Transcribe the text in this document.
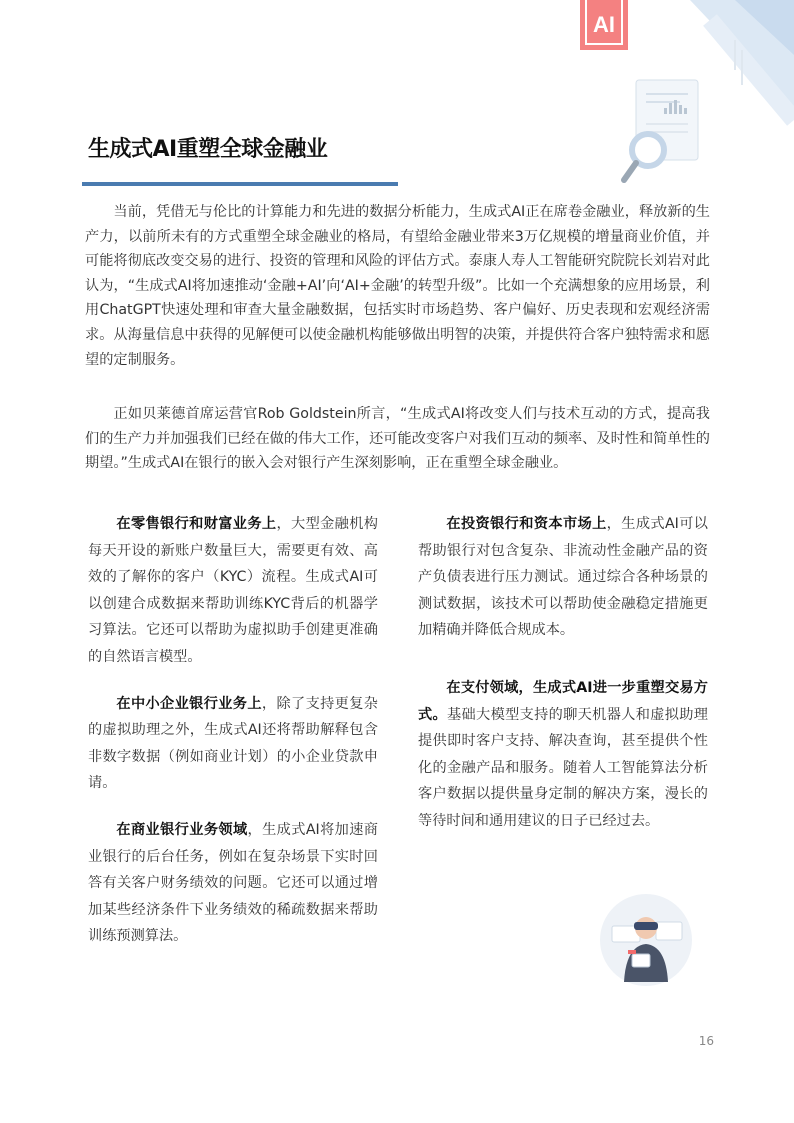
AI
生成式AI重塑全球金融业

当前，凭借无与伦比的计算能力和先进的数据分析能力，生成式AI正在席卷金融业，释放新的生产力，以前所未有的方式重塑全球金融业的格局，有望给金融业带来3万亿规模的增量商业价值，并可能将彻底改变交易的进行、投资的管理和风险的评估方式。泰康人寿人工智能研究院院长刘岩对此认为，“生成式AI将加速推动‘金融+AI’向‘AI+金融’的转型升级”。比如一个充满想象的应用场景，利用ChatGPT快速处理和审查大量金融数据，包括实时市场趋势、客户偏好、历史表现和宏观经济需求。从海量信息中获得的见解便可以使金融机构能够做出明智的决策，并提供符合客户独特需求和愿望的定制服务。

正如贝莱德首席运营官Rob Goldstein所言，“生成式AI将改变人们与技术互动的方式，提高我们的生产力并加强我们已经在做的伟大工作，还可能改变客户对我们互动的频率、及时性和简单性的期望。”生成式AI在银行的嵌入会对银行产生深刻影响，正在重塑全球金融业。

在零售银行和财富业务上，大型金融机构每天开设的新账户数量巨大，需要更有效、高效的了解你的客户（KYC）流程。生成式AI可以创建合成数据来帮助训练KYC背后的机器学习算法。它还可以帮助为虚拟助手创建更准确的自然语言模型。

在中小企业银行业务上，除了支持更复杂的虚拟助理之外，生成式AI还将帮助解释包含非数字数据（例如商业计划）的小企业贷款申请。

在商业银行业务领域，生成式AI将加速商业银行的后台任务，例如在复杂场景下实时回答有关客户财务绩效的问题。它还可以通过增加某些经济条件下业务绩效的稀疏数据来帮助训练预测算法。

在投资银行和资本市场上，生成式AI可以帮助银行对包含复杂、非流动性金融产品的资产负债表进行压力测试。通过综合各种场景的测试数据，该技术可以帮助使金融稳定措施更加精确并降低合规成本。

在支付领域，生成式AI进一步重塑交易方式。基础大模型支持的聊天机器人和虚拟助理提供即时客户支持、解决查询，甚至提供个性化的金融产品和服务。随着人工智能算法分析客户数据以提供量身定制的解决方案，漫长的等待时间和通用建议的日子已经过去。

16
